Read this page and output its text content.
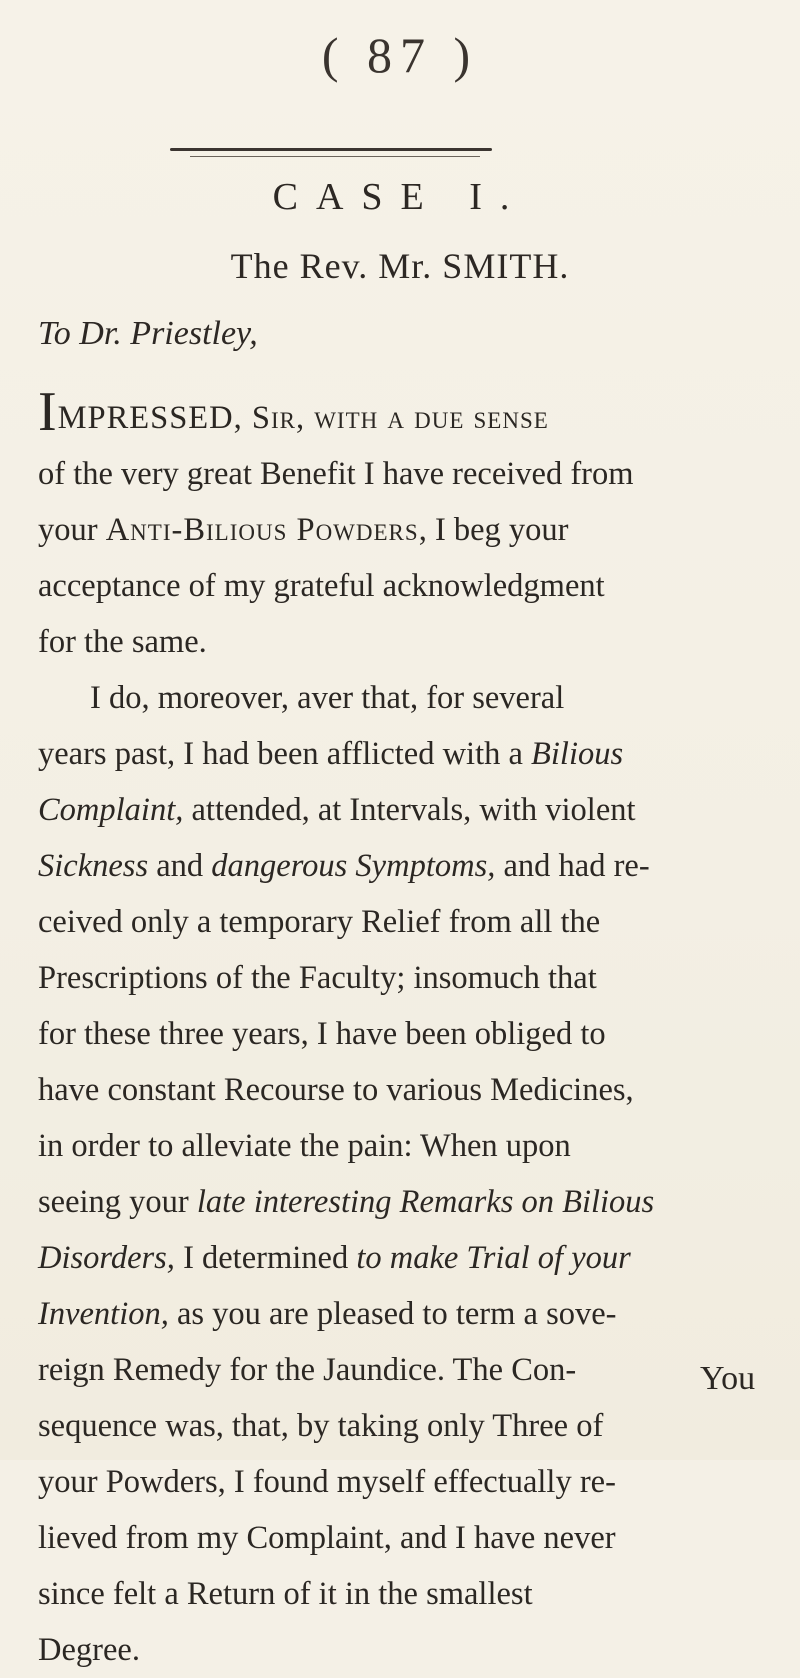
( 87 )
CASE I.
The Rev. Mr. SMITH.
To Dr. Priestley,
IMPRESSED, Sir, with a due sense
of the very great Benefit I have received from
your Anti-Bilious Powders, I beg your
acceptance of my grateful acknowledgment
for the same.
I do, moreover, aver that, for several
years past, I had been afflicted with a Bilious
Complaint, attended, at Intervals, with violent
Sickness and dangerous Symptoms, and had re-
ceived only a temporary Relief from all the
Prescriptions of the Faculty; insomuch that
for these three years, I have been obliged to
have constant Recourse to various Medicines,
in order to alleviate the pain: When upon
seeing your late interesting Remarks on Bilious
Disorders, I determined to make Trial of your
Invention, as you are pleased to term a sove-
reign Remedy for the Jaundice. The Con-
sequence was, that, by taking only Three of
your Powders, I found myself effectually re-
lieved from my Complaint, and I have never
since felt a Return of it in the smallest
Degree.
You
